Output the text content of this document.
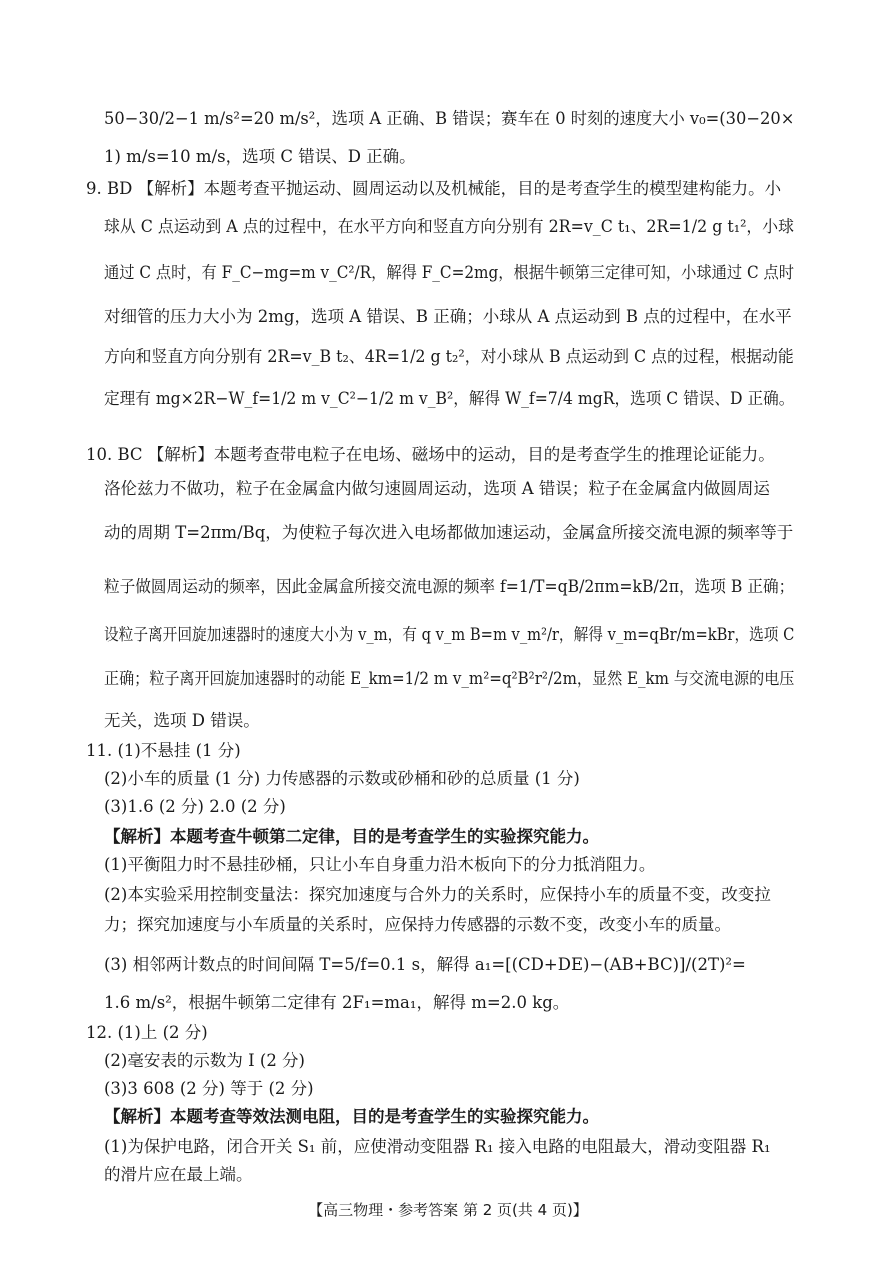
50−30/2−1 m/s²=20 m/s²，选项 A 正确、B 错误；赛车在 0 时刻的速度大小 v₀=(30−20×
1) m/s=10 m/s，选项 C 错误、D 正确。
9. BD 【解析】本题考查平抛运动、圆周运动以及机械能，目的是考查学生的模型建构能力。小
球从 C 点运动到 A 点的过程中，在水平方向和竖直方向分别有 2R=v_C t₁、2R=1/2 g t₁²，小球
通过 C 点时，有 F_C−mg=m v_C²/R，解得 F_C=2mg，根据牛顿第三定律可知，小球通过 C 点时
对细管的压力大小为 2mg，选项 A 错误、B 正确；小球从 A 点运动到 B 点的过程中，在水平
方向和竖直方向分别有 2R=v_B t₂、4R=1/2 g t₂²，对小球从 B 点运动到 C 点的过程，根据动能
定理有 mg×2R−W_f=1/2 m v_C²−1/2 m v_B²，解得 W_f=7/4 mgR，选项 C 错误、D 正确。
10. BC 【解析】本题考查带电粒子在电场、磁场中的运动，目的是考查学生的推理论证能力。
洛伦兹力不做功，粒子在金属盒内做匀速圆周运动，选项 A 错误；粒子在金属盒内做圆周运
动的周期 T=2πm/Bq，为使粒子每次进入电场都做加速运动，金属盒所接交流电源的频率等于
粒子做圆周运动的频率，因此金属盒所接交流电源的频率 f=1/T=qB/2πm=kB/2π，选项 B 正确；
设粒子离开回旋加速器时的速度大小为 v_m，有 q v_m B=m v_m²/r，解得 v_m=qBr/m=kBr，选项 C
正确；粒子离开回旋加速器时的动能 E_km=1/2 m v_m²=q²B²r²/2m，显然 E_km 与交流电源的电压
无关，选项 D 错误。
11. (1)不悬挂 (1 分)
(2)小车的质量 (1 分) 力传感器的示数或砂桶和砂的总质量 (1 分)
(3)1.6 (2 分) 2.0 (2 分)
【解析】本题考查牛顿第二定律，目的是考查学生的实验探究能力。
(1)平衡阻力时不悬挂砂桶，只让小车自身重力沿木板向下的分力抵消阻力。
(2)本实验采用控制变量法：探究加速度与合外力的关系时，应保持小车的质量不变，改变拉
力；探究加速度与小车质量的关系时，应保持力传感器的示数不变，改变小车的质量。
(3) 相邻两计数点的时间间隔 T=5/f=0.1 s，解得 a₁=[(CD+DE)−(AB+BC)]/(2T)²=
1.6 m/s²，根据牛顿第二定律有 2F₁=ma₁，解得 m=2.0 kg。
12. (1)上 (2 分)
(2)毫安表的示数为 I (2 分)
(3)3 608 (2 分) 等于 (2 分)
【解析】本题考查等效法测电阻，目的是考查学生的实验探究能力。
(1)为保护电路，闭合开关 S₁ 前，应使滑动变阻器 R₁ 接入电路的电阻最大，滑动变阻器 R₁
的滑片应在最上端。
【高三物理・参考答案 第 2 页(共 4 页)】
